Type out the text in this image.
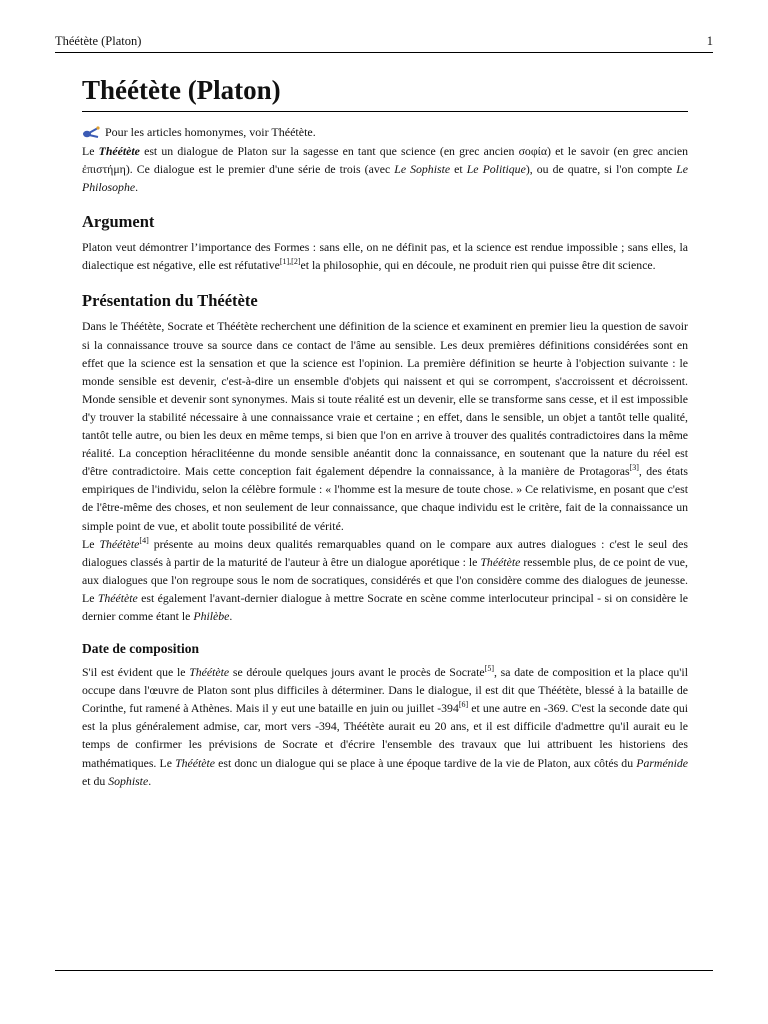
Théétète (Platon)	1
Théétète (Platon)
Pour les articles homonymes, voir Théétète.

Le Théétète est un dialogue de Platon sur la sagesse en tant que science (en grec ancien σοφία) et le savoir (en grec ancien ἐπιστήμη). Ce dialogue est le premier d'une série de trois (avec Le Sophiste et Le Politique), ou de quatre, si l'on compte Le Philosophe.

Argument

Platon veut démontrer l’importance des Formes : sans elle, on ne définit pas, et la science est rendue impossible ; sans elles, la dialectique est négative, elle est réfutative[1],[2]et la philosophie, qui en découle, ne produit rien qui puisse être dit science.

Présentation du Théétète

Dans le Théétète, Socrate et Théétète recherchent une définition de la science et examinent en premier lieu la question de savoir si la connaissance trouve sa source dans ce contact de l'âme au sensible. Les deux premières définitions considérées sont en effet que la science est la sensation et que la science est l'opinion. La première définition se heurte à l'objection suivante : le monde sensible est devenir, c'est-à-dire un ensemble d'objets qui naissent et qui se corrompent, s'accroissent et décroissent. Monde sensible et devenir sont synonymes. Mais si toute réalité est un devenir, elle se transforme sans cesse, et il est impossible d'y trouver la stabilité nécessaire à une connaissance vraie et certaine ; en effet, dans le sensible, un objet a tantôt telle qualité, tantôt telle autre, ou bien les deux en même temps, si bien que l'on en arrive à trouver des qualités contradictoires dans la même réalité. La conception héraclitéenne du monde sensible anéantit donc la connaissance, en soutenant que la nature du réel est d'être contradictoire. Mais cette conception fait également dépendre la connaissance, à la manière de Protagoras[3], des états empiriques de l'individu, selon la célèbre formule : « l'homme est la mesure de toute chose. » Ce relativisme, en posant que c'est de l'être-même des choses, et non seulement de leur connaissance, que chaque individu est le critère, fait de la connaissance un simple point de vue, et abolit toute possibilité de vérité.

Le Théétète[4] présente au moins deux qualités remarquables quand on le compare aux autres dialogues : c'est le seul des dialogues classés à partir de la maturité de l'auteur à être un dialogue aporétique : le Théétète ressemble plus, de ce point de vue, aux dialogues que l'on regroupe sous le nom de socratiques, considérés et que l'on considère comme des dialogues de jeunesse. Le Théétète est également l'avant-dernier dialogue à mettre Socrate en scène comme interlocuteur principal - si on considère le dernier comme étant le Philèbe.

Date de composition

S'il est évident que le Théétète se déroule quelques jours avant le procès de Socrate[5], sa date de composition et la place qu'il occupe dans l'œuvre de Platon sont plus difficiles à déterminer. Dans le dialogue, il est dit que Théétète, blessé à la bataille de Corinthe, fut ramené à Athènes. Mais il y eut une bataille en juin ou juillet -394[6] et une autre en -369. C'est la seconde date qui est la plus généralement admise, car, mort vers -394, Théétète aurait eu 20 ans, et il est difficile d'admettre qu'il aurait eu le temps de confirmer les prévisions de Socrate et d'écrire l'ensemble des travaux que lui attribuent les historiens des mathématiques. Le Théétète est donc un dialogue qui se place à une époque tardive de la vie de Platon, aux côtés du Parménide et du Sophiste.
